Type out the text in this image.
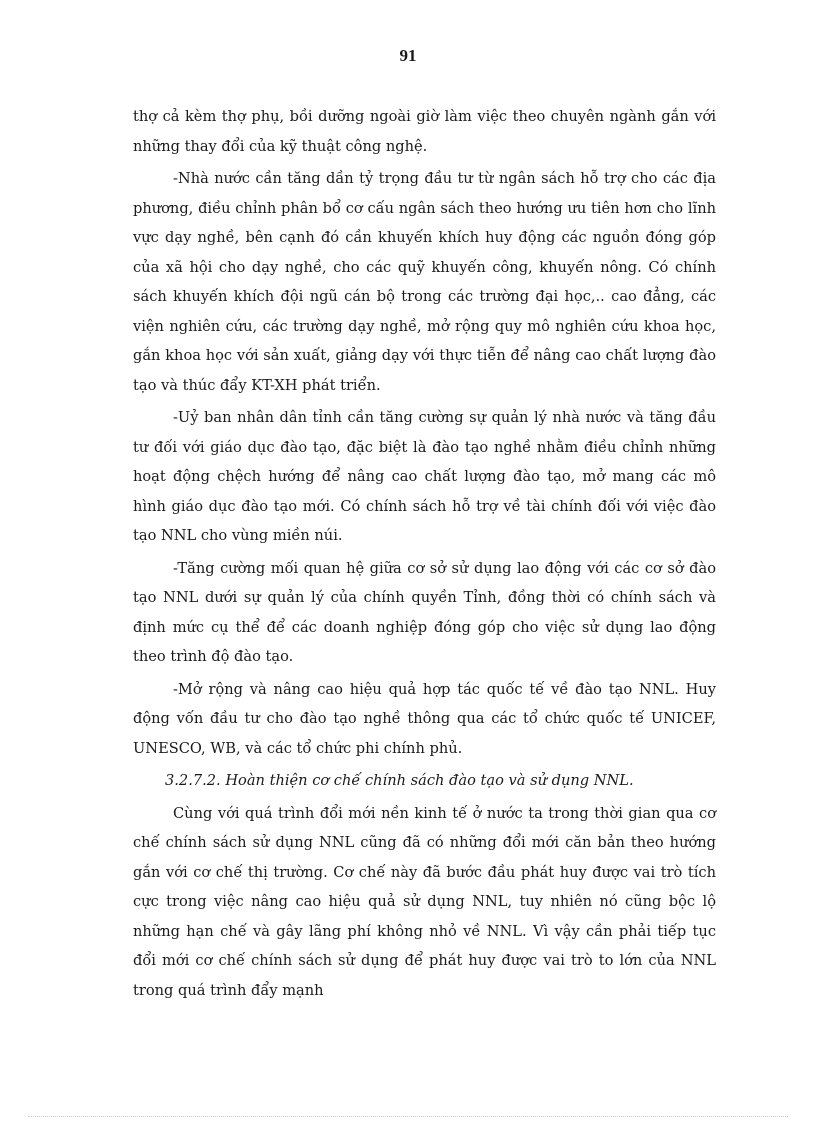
91

thợ cả kèm thợ phụ, bồi dưỡng ngoài giờ làm việc theo chuyên ngành gắn với những thay đổi của kỹ thuật công nghệ.

-Nhà nước cần tăng dần tỷ trọng đầu tư từ ngân sách hỗ trợ cho các địa phương, điều chỉnh phân bổ cơ cấu ngân sách theo hướng ưu tiên hơn cho lĩnh vực dạy nghề, bên cạnh đó cần khuyến khích huy động các nguồn đóng góp của xã hội cho dạy nghề, cho các quỹ khuyến công, khuyến nông. Có chính sách khuyến khích đội ngũ cán bộ trong các trường đại học,.. cao đẳng, các viện nghiên cứu, các trường dạy nghề, mở rộng quy mô nghiên cứu khoa học, gắn khoa học với sản xuất, giảng dạy với thực tiễn để nâng cao chất lượng đào tạo và thúc đẩy KT-XH phát triển.

-Uỷ ban nhân dân tỉnh cần tăng cường sự quản lý nhà nước và tăng đầu tư đối với giáo dục đào tạo, đặc biệt là đào tạo nghề nhằm điều chỉnh những hoạt động chệch hướng để nâng cao chất lượng đào tạo, mở mang các mô hình giáo dục đào tạo mới. Có chính sách hỗ trợ về tài chính đối với việc đào tạo NNL cho vùng miền núi.

-Tăng cường mối quan hệ giữa cơ sở sử dụng lao động với các cơ sở đào tạo NNL dưới sự quản lý của chính quyền Tỉnh, đồng thời có chính sách và định mức cụ thể để các doanh nghiệp đóng góp cho việc sử dụng lao động theo trình độ đào tạo.

-Mở rộng và nâng cao hiệu quả hợp tác quốc tế về đào tạo NNL. Huy động vốn đầu tư cho đào tạo nghề thông qua các tổ chức quốc tế UNICEF, UNESCO, WB, và các tổ chức phi chính phủ.

3.2.7.2. Hoàn thiện cơ chế chính sách đào tạo và sử dụng NNL.

Cùng với quá trình đổi mới nền kinh tế ở nước ta trong thời gian qua cơ chế chính sách sử dụng NNL cũng đã có những đổi mới căn bản theo hướng gắn với cơ chế thị trường. Cơ chế này đã bước đầu phát huy được vai trò tích cực trong việc nâng cao hiệu quả sử dụng NNL, tuy nhiên nó cũng bộc lộ những hạn chế và gây lãng phí không nhỏ về NNL. Vì vậy cần phải tiếp tục đổi mới cơ chế chính sách sử dụng để phát huy được vai trò to lớn của NNL trong quá trình đẩy mạnh
